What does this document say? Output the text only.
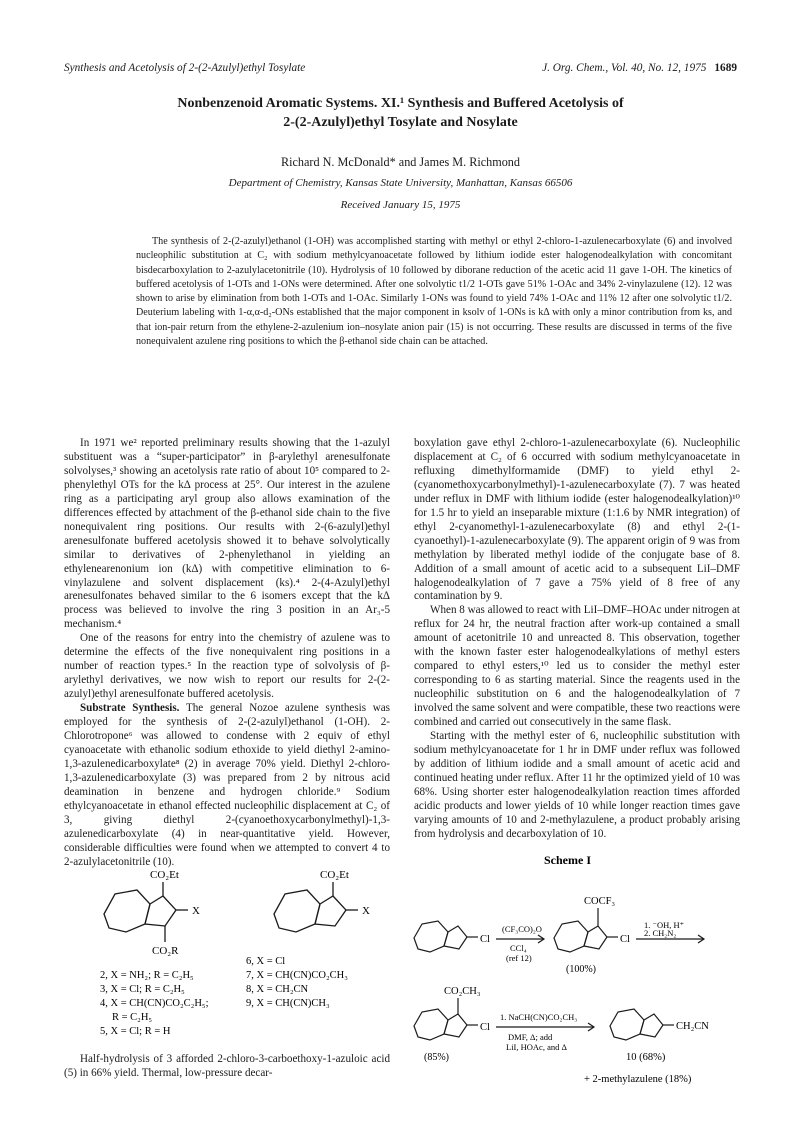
Synthesis and Acetolysis of 2-(2-Azulyl)ethyl Tosylate	J. Org. Chem., Vol. 40, No. 12, 1975 1689
Nonbenzenoid Aromatic Systems. XI.¹ Synthesis and Buffered Acetolysis of
2-(2-Azulyl)ethyl Tosylate and Nosylate
Richard N. McDonald* and James M. Richmond
Department of Chemistry, Kansas State University, Manhattan, Kansas 66506
Received January 15, 1975
The synthesis of 2-(2-azulyl)ethanol (1-OH) was accomplished starting with methyl or ethyl 2-chloro-1-azulenecarboxylate (6) and involved nucleophilic substitution at C₂ with sodium methylcyanoacetate followed by lithium iodide ester halogenodealkylation with concomitant bisdecarboxylation to 2-azulylacetonitrile (10). Hydrolysis of 10 followed by diborane reduction of the acetic acid 11 gave 1-OH. The kinetics of buffered acetolysis of 1-OTs and 1-ONs were determined. After one solvolytic t1/2 1-OTs gave 51% 1-OAc and 34% 2-vinylazulene (12). 12 was shown to arise by elimination from both 1-OTs and 1-OAc. Similarly 1-ONs was found to yield 74% 1-OAc and 11% 12 after one solvolytic t1/2. Deuterium labeling with 1-α,α-d₂-ONs established that the major component in ksolv of 1-ONs is kΔ with only a minor contribution from ks, and that ion-pair return from the ethylene-2-azulenium ion–nosylate anion pair (15) is not occurring. These results are discussed in terms of the five nonequivalent azulene ring positions to which the β-ethanol side chain can be attached.

In 1971 we² reported preliminary results showing that the 1-azulyl substituent was a “super-participator” in β-arylethyl arenesulfonate solvolyses,³ showing an acetolysis rate ratio of about 10⁵ compared to 2-phenylethyl OTs for the kΔ process at 25°. Our interest in the azulene ring as a participating aryl group also allows examination of the differences effected by attachment of the β-ethanol side chain to the five nonequivalent ring positions. Our results with 2-(6-azulyl)ethyl arenesulfonate buffered acetolysis showed it to behave solvolytically similar to derivatives of 2-phenylethanol in yielding an ethylenearenonium ion (kΔ) with competitive elimination to 6-vinylazulene and solvent displacement (ks).⁴ 2-(4-Azulyl)ethyl arenesulfonates behaved similar to the 6 isomers except that the kΔ process was believed to involve the ring 3 position in an Ar₃-5 mechanism.⁴

One of the reasons for entry into the chemistry of azulene was to determine the effects of the five nonequivalent ring positions in a number of reaction types.⁵ In the reaction type of solvolysis of β-arylethyl derivatives, we now wish to report our results for 2-(2-azulyl)ethyl arenesulfonate buffered acetolysis.

Substrate Synthesis. The general Nozoe azulene synthesis was employed for the synthesis of 2-(2-azulyl)ethanol (1-OH). 2-Chlorotropone⁶ was allowed to condense with 2 equiv of ethyl cyanoacetate with ethanolic sodium ethoxide to yield diethyl 2-amino-1,3-azulenedicarboxylate⁸ (2) in average 70% yield. Diethyl 2-chloro-1,3-azulenedicarboxylate (3) was prepared from 2 by nitrous acid deamination in benzene and hydrogen chloride.⁹ Sodium ethylcyanoacetate in ethanol effected nucleophilic displacement at C₂ of 3, giving diethyl 2-(cyanoethoxycarbonylmethyl)-1,3-azulenedicarboxylate (4) in near-quantitative yield. However, considerable difficulties were found when we attempted to convert 4 to 2-azulylacetonitrile (10).

CO₂Et
X
CO₂R
CO₂Et
X
2, X = NH₂; R = C₂H₅
3, X = Cl; R = C₂H₅
4, X = CH(CN)CO₂C₂H₅;
R = C₂H₅
5, X = Cl; R = H
6, X = Cl
7, X = CH(CN)CO₂CH₃
8, X = CH₂CN
9, X = CH(CN)CH₃
Half-hydrolysis of 3 afforded 2-chloro-3-carboethoxy-1-azuloic acid (5) in 66% yield. Thermal, low-pressure decar-

boxylation gave ethyl 2-chloro-1-azulenecarboxylate (6). Nucleophilic displacement at C₂ of 6 occurred with sodium methylcyanoacetate in refluxing dimethylformamide (DMF) to yield ethyl 2-(cyanomethoxycarbonylmethyl)-1-azulenecarboxylate (7). 7 was heated under reflux in DMF with lithium iodide (ester halogenodealkylation)¹⁰ for 1.5 hr to yield an inseparable mixture (1:1.6 by NMR integration) of ethyl 2-cyanomethyl-1-azulenecarboxylate (8) and ethyl 2-(1-cyanoethyl)-1-azulenecarboxylate (9). The apparent origin of 9 was from methylation by liberated methyl iodide of the conjugate base of 8. Addition of a small amount of acetic acid to a subsequent LiI–DMF halogenodealkylation of 7 gave a 75% yield of 8 free of any contamination by 9.

When 8 was allowed to react with LiI–DMF–HOAc under nitrogen at reflux for 24 hr, the neutral fraction after work-up contained a small amount of acetonitrile 10 and unreacted 8. This observation, together with the known faster ester halogenodealkylations of methyl esters compared to ethyl esters,¹⁰ led us to consider the methyl ester corresponding to 6 as starting material. Since the reagents used in the nucleophilic substitution on 6 and the halogenodealkylation of 7 involved the same solvent and were compatible, these two reactions were combined and carried out consecutively in the same flask.

Starting with the methyl ester of 6, nucleophilic substitution with sodium methylcyanoacetate for 1 hr in DMF under reflux was followed by addition of lithium iodide and a small amount of acetic acid and continued heating under reflux. After 11 hr the optimized yield of 10 was 68%. Using shorter ester halogenodealkylation reaction times afforded acidic products and lower yields of 10 while longer reaction times gave varying amounts of 10 and 2-methylazulene, a product probably arising from hydrolysis and decarboxylation of 10.

Scheme I
Cl
(CF₃CO)₂O
CCl₄
(ref 12)
COCF₃
Cl
(100%)
1. ⁻OH, H⁺
2. CH₂N₂
CO₂CH₃
Cl
(85%)
1. NaCH(CN)CO₂CH₃
DMF, Δ; add
LiI, HOAc, and Δ
CH₂CN
10 (68%)
+ 2-methylazulene (18%)
